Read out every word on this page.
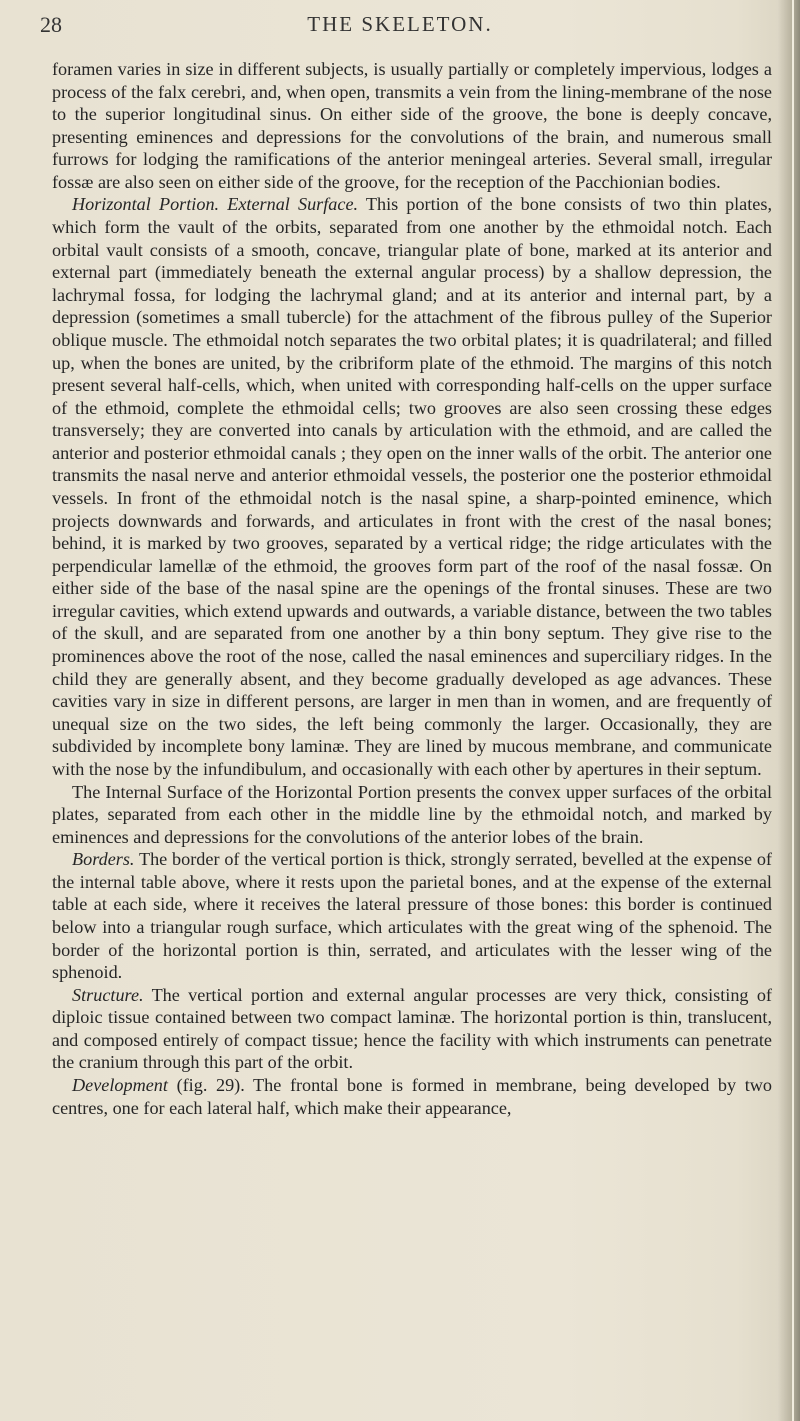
28	THE SKELETON.

foramen varies in size in different subjects, is usually partially or completely impervious, lodges a process of the falx cerebri, and, when open, transmits a vein from the lining-membrane of the nose to the superior longitudinal sinus. On either side of the groove, the bone is deeply concave, presenting eminences and depressions for the convolutions of the brain, and numerous small furrows for lodging the ramifications of the anterior meningeal arteries. Several small, irregular fossæ are also seen on either side of the groove, for the reception of the Pacchionian bodies.

Horizontal Portion. External Surface. This portion of the bone consists of two thin plates, which form the vault of the orbits, separated from one another by the ethmoidal notch. Each orbital vault consists of a smooth, concave, triangular plate of bone, marked at its anterior and external part (immediately beneath the external angular process) by a shallow depression, the lachrymal fossa, for lodging the lachrymal gland; and at its anterior and internal part, by a depression (sometimes a small tubercle) for the attachment of the fibrous pulley of the Superior oblique muscle. The ethmoidal notch separates the two orbital plates; it is quadrilateral; and filled up, when the bones are united, by the cribriform plate of the ethmoid. The margins of this notch present several half-cells, which, when united with corresponding half-cells on the upper surface of the ethmoid, complete the ethmoidal cells; two grooves are also seen crossing these edges transversely; they are converted into canals by articulation with the ethmoid, and are called the anterior and posterior ethmoidal canals ; they open on the inner walls of the orbit. The anterior one transmits the nasal nerve and anterior ethmoidal vessels, the posterior one the posterior ethmoidal vessels. In front of the ethmoidal notch is the nasal spine, a sharp-pointed eminence, which projects downwards and forwards, and articulates in front with the crest of the nasal bones; behind, it is marked by two grooves, separated by a vertical ridge; the ridge articulates with the perpendicular lamellæ of the ethmoid, the grooves form part of the roof of the nasal fossæ. On either side of the base of the nasal spine are the openings of the frontal sinuses. These are two irregular cavities, which extend upwards and outwards, a variable distance, between the two tables of the skull, and are separated from one another by a thin bony septum. They give rise to the prominences above the root of the nose, called the nasal eminences and superciliary ridges. In the child they are generally absent, and they become gradually developed as age advances. These cavities vary in size in different persons, are larger in men than in women, and are frequently of unequal size on the two sides, the left being commonly the larger. Occasionally, they are subdivided by incomplete bony laminæ. They are lined by mucous membrane, and communicate with the nose by the infundibulum, and occasionally with each other by apertures in their septum.

The Internal Surface of the Horizontal Portion presents the convex upper surfaces of the orbital plates, separated from each other in the middle line by the ethmoidal notch, and marked by eminences and depressions for the convolutions of the anterior lobes of the brain.

Borders. The border of the vertical portion is thick, strongly serrated, bevelled at the expense of the internal table above, where it rests upon the parietal bones, and at the expense of the external table at each side, where it receives the lateral pressure of those bones: this border is continued below into a triangular rough surface, which articulates with the great wing of the sphenoid. The border of the horizontal portion is thin, serrated, and articulates with the lesser wing of the sphenoid.

Structure. The vertical portion and external angular processes are very thick, consisting of diploic tissue contained between two compact laminæ. The horizontal portion is thin, translucent, and composed entirely of compact tissue; hence the facility with which instruments can penetrate the cranium through this part of the orbit.

Development (fig. 29). The frontal bone is formed in membrane, being developed by two centres, one for each lateral half, which make their appearance,
